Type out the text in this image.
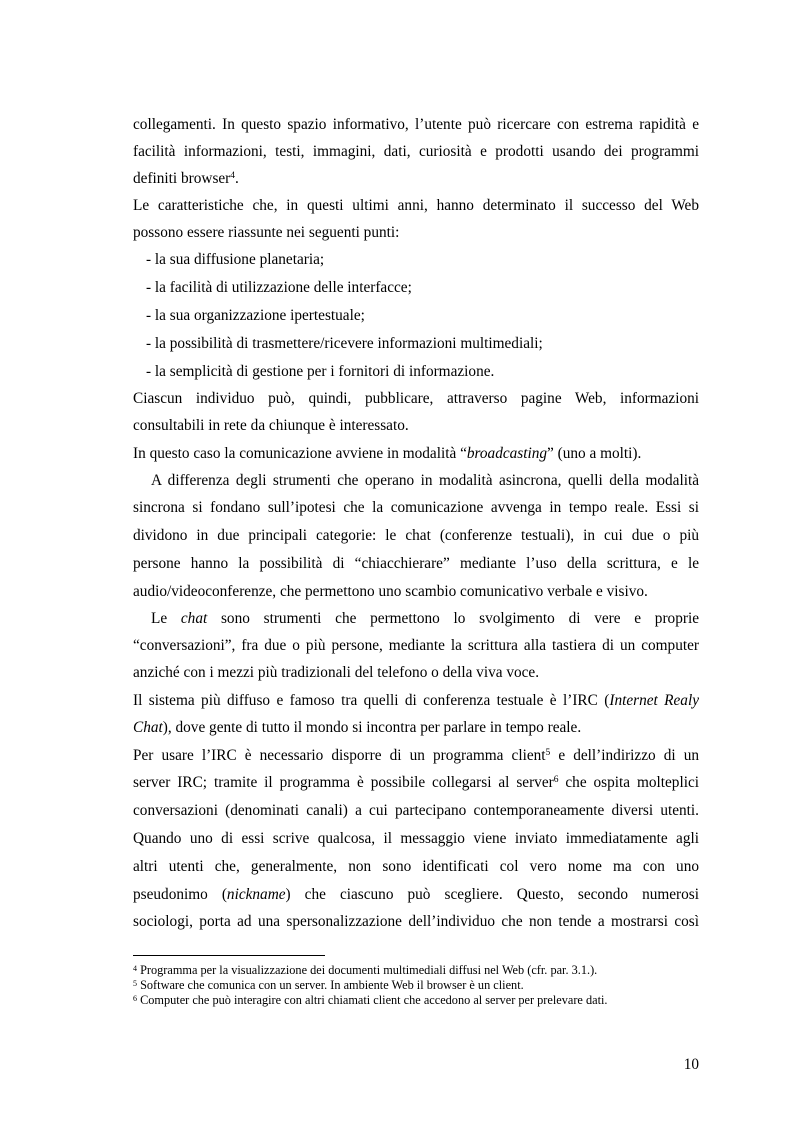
collegamenti. In questo spazio informativo, l’utente può ricercare con estrema rapidità e
facilità informazioni, testi, immagini, dati, curiosità e prodotti usando dei programmi
definiti browser$^4$.
Le caratteristiche che, in questi ultimi anni, hanno determinato il successo del Web
possono essere riassunte nei seguenti punti:
- la sua diffusione planetaria;
- la facilità di utilizzazione delle interfacce;
- la sua organizzazione ipertestuale;
- la possibilità di trasmettere/ricevere informazioni multimediali;
- la semplicità di gestione per i fornitori di informazione.
Ciascun individuo può, quindi, pubblicare, attraverso pagine Web, informazioni
consultabili in rete da chiunque è interessato.
In questo caso la comunicazione avviene in modalità “broadcasting” (uno a molti).
A differenza degli strumenti che operano in modalità asincrona, quelli della modalità
sincrona si fondano sull’ipotesi che la comunicazione avvenga in tempo reale. Essi si
dividono in due principali categorie: le chat (conferenze testuali), in cui due o più
persone hanno la possibilità di “chiacchierare” mediante l’uso della scrittura, e le
audio/videoconferenze, che permettono uno scambio comunicativo verbale e visivo.
Le chat sono strumenti che permettono lo svolgimento di vere e proprie
“conversazioni”, fra due o più persone, mediante la scrittura alla tastiera di un computer
anziché con i mezzi più tradizionali del telefono o della viva voce.
Il sistema più diffuso e famoso tra quelli di conferenza testuale è l’IRC (Internet Realy
Chat), dove gente di tutto il mondo si incontra per parlare in tempo reale.
Per usare l’IRC è necessario disporre di un programma client$^5$ e dell’indirizzo di un
server IRC; tramite il programma è possibile collegarsi al server$^6$ che ospita molteplici
conversazioni (denominati canali) a cui partecipano contemporaneamente diversi utenti.
Quando uno di essi scrive qualcosa, il messaggio viene inviato immediatamente agli
altri utenti che, generalmente, non sono identificati col vero nome ma con uno
pseudonimo (nickname) che ciascuno può scegliere. Questo, secondo numerosi
sociologi, porta ad una spersonalizzazione dell’individuo che non tende a mostrarsi così
$^4$ Programma per la visualizzazione dei documenti multimediali diffusi nel Web (cfr. par. 3.1.).
$^5$ Software che comunica con un server. In ambiente Web il browser è un client.
$^6$ Computer che può interagire con altri chiamati client che accedono al server per prelevare dati.
10
